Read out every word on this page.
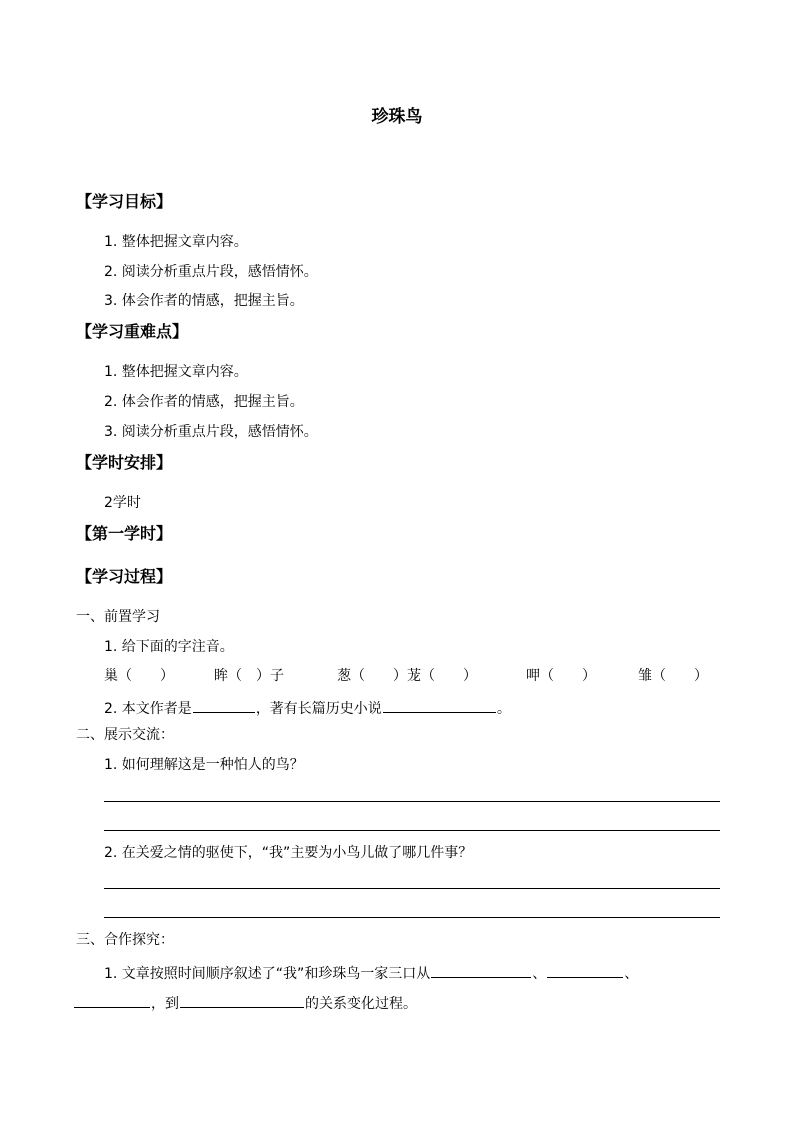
珍珠鸟
【学习目标】
1. 整体把握文章内容。
2. 阅读分析重点片段，感悟情怀。
3. 体会作者的情感，把握主旨。
【学习重难点】
1. 整体把握文章内容。
2. 体会作者的情感，把握主旨。
3. 阅读分析重点片段，感悟情怀。
【学时安排】
2学时
【第一学时】
【学习过程】
一、前置学习
1. 给下面的字注音。
巢（　　）	眸（　）子	葱（　　）茏（　　）	呷（　　）	雏（　　）
2. 本文作者是	，著有长篇历史小说	。
二、展示交流：
1. 如何理解这是一种怕人的鸟？
2. 在关爱之情的驱使下，“我”主要为小鸟儿做了哪几件事？
三、合作探究：
1. 文章按照时间顺序叙述了“我”和珍珠鸟一家三口从	、	、
，到	的关系变化过程。
